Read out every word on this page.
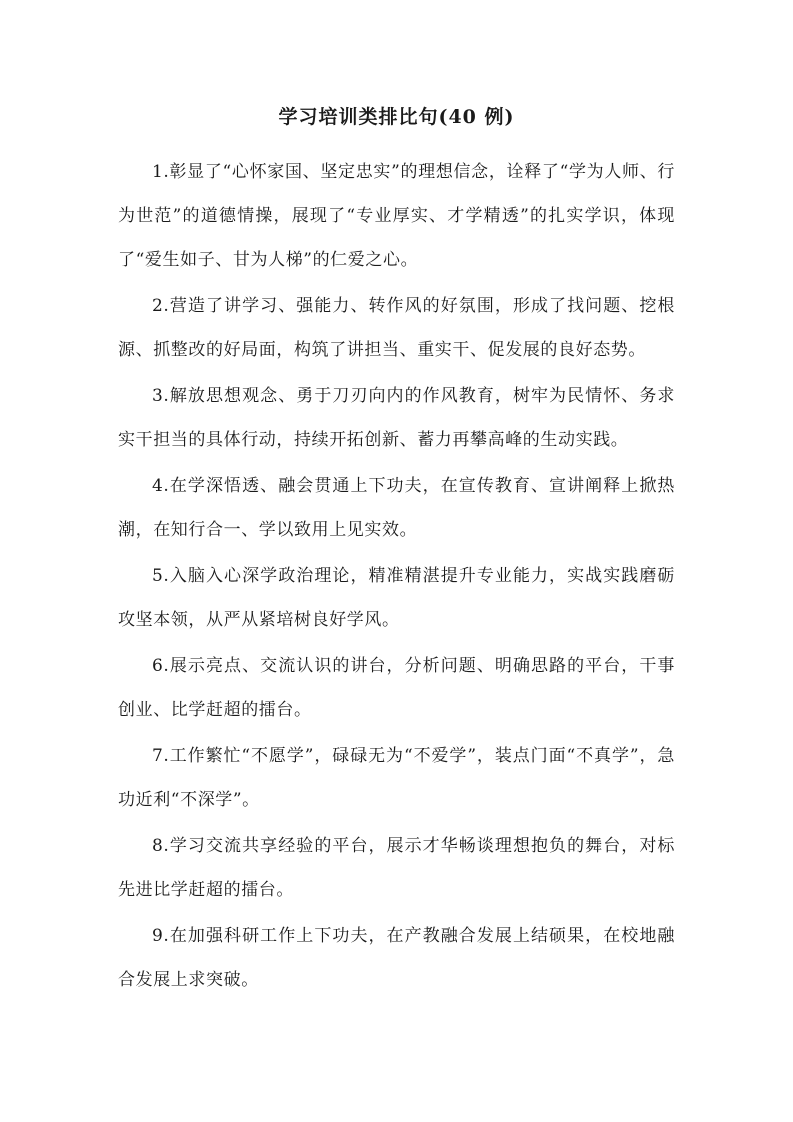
学习培训类排比句(40 例)

1.彰显了“心怀家国、坚定忠实”的理想信念，诠释了“学为人师、行为世范”的道德情操，展现了“专业厚实、才学精透”的扎实学识，体现了“爱生如子、甘为人梯”的仁爱之心。

2.营造了讲学习、强能力、转作风的好氛围，形成了找问题、挖根源、抓整改的好局面，构筑了讲担当、重实干、促发展的良好态势。

3.解放思想观念、勇于刀刃向内的作风教育，树牢为民情怀、务求实干担当的具体行动，持续开拓创新、蓄力再攀高峰的生动实践。

4.在学深悟透、融会贯通上下功夫，在宣传教育、宣讲阐释上掀热潮，在知行合一、学以致用上见实效。

5.入脑入心深学政治理论，精准精湛提升专业能力，实战实践磨砺攻坚本领，从严从紧培树良好学风。

6.展示亮点、交流认识的讲台，分析问题、明确思路的平台，干事创业、比学赶超的擂台。

7.工作繁忙“不愿学”，碌碌无为“不爱学”，装点门面“不真学”，急功近利“不深学”。

8.学习交流共享经验的平台，展示才华畅谈理想抱负的舞台，对标先进比学赶超的擂台。

9.在加强科研工作上下功夫，在产教融合发展上结硕果，在校地融合发展上求突破。
